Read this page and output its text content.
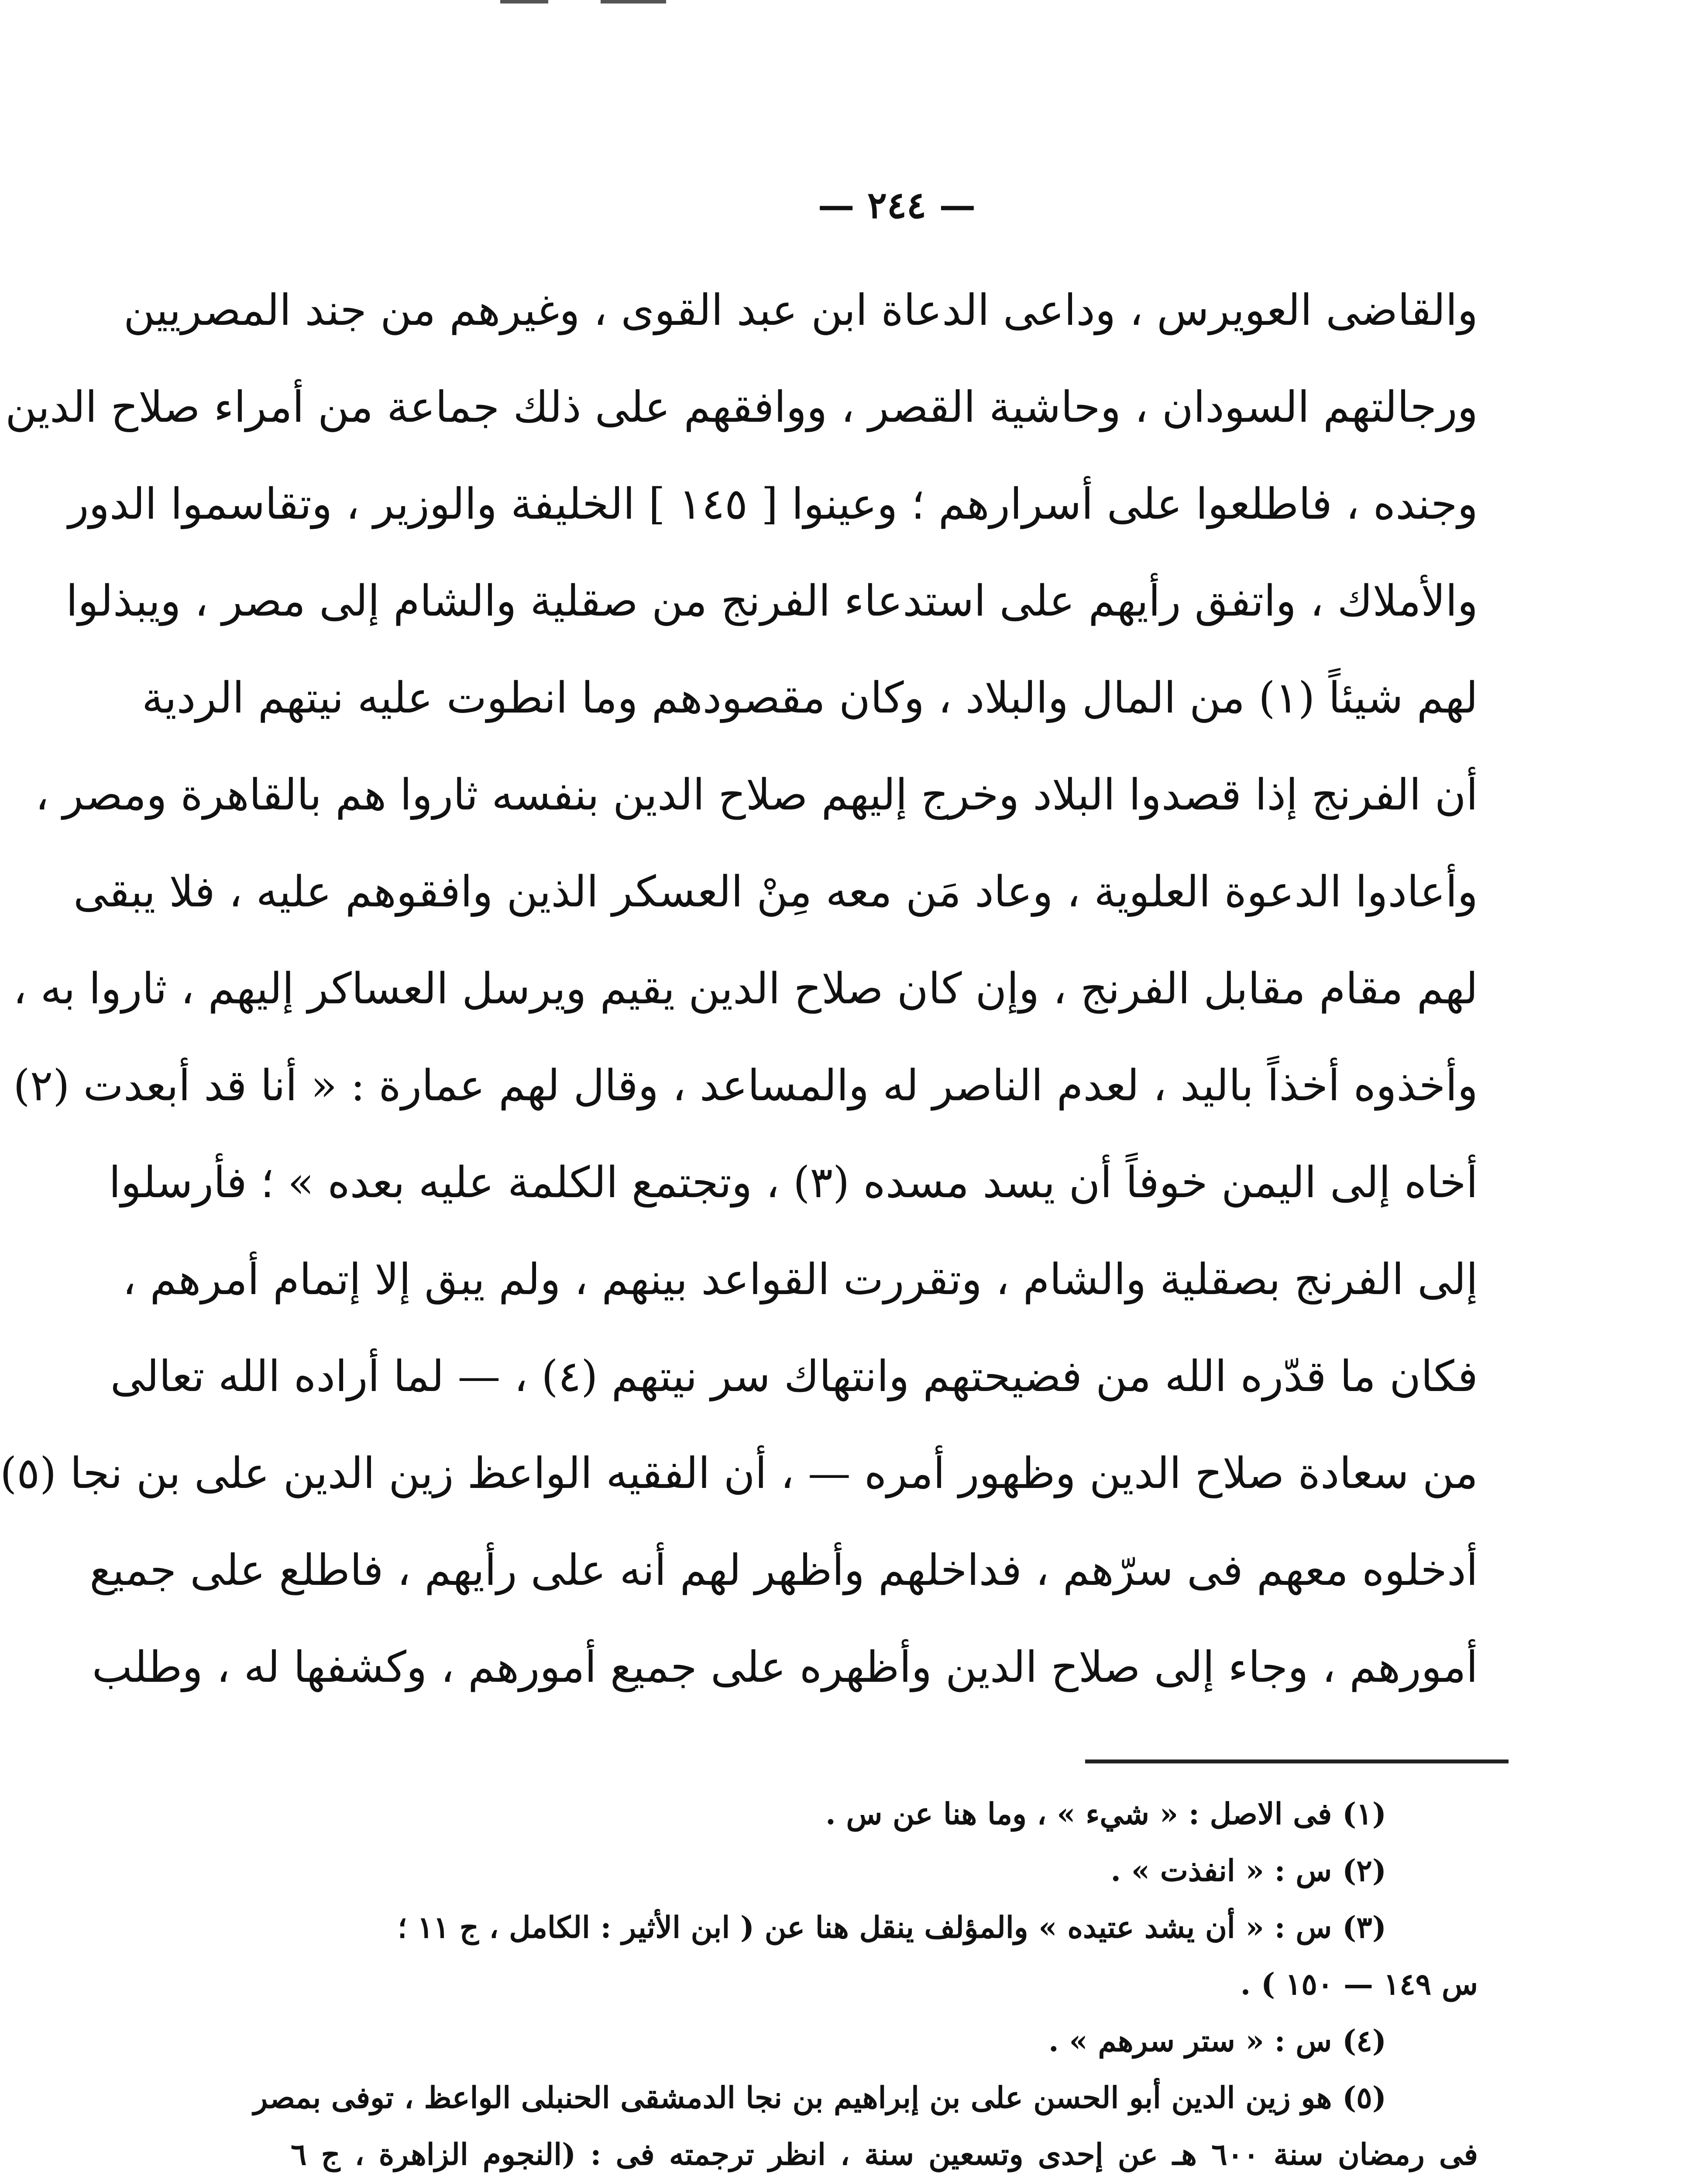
— ٢٤٤ —
والقاضى العويرس ، وداعى الدعاة ابن عبد القوى ، وغيرهم من جند المصريين
ورجالتهم السودان ، وحاشية القصر ، ووافقهم على ذلك جماعة من أمراء صلاح الدين
وجنده ، فاطلعوا على أسرارهم ؛ وعينوا [ ١٤٥ ] الخليفة والوزير ، وتقاسموا الدور
والأملاك ، واتفق رأيهم على استدعاء الفرنج من صقلية والشام إلى مصر ، ويبذلوا
لهم شيئاً (١) من المال والبلاد ، وكان مقصودهم وما انطوت عليه نيتهم الردية
أن الفرنج إذا قصدوا البلاد وخرج إليهم صلاح الدين بنفسه ثاروا هم بالقاهرة ومصر ،
وأعادوا الدعوة العلوية ، وعاد مَن معه مِنْ العسكر الذين وافقوهم عليه ، فلا يبقى
لهم مقام مقابل الفرنج ، وإن كان صلاح الدين يقيم ويرسل العساكر إليهم ، ثاروا به ،
وأخذوه أخذاً باليد ، لعدم الناصر له والمساعد ، وقال لهم عمارة : « أنا قد أبعدت (٢)
أخاه إلى اليمن خوفاً أن يسد مسده (٣) ، وتجتمع الكلمة عليه بعده » ؛ فأرسلوا
إلى الفرنج بصقلية والشام ، وتقررت القواعد بينهم ، ولم يبق إلا إتمام أمرهم ،
فكان ما قدّره الله من فضيحتهم وانتهاك سر نيتهم (٤) ، — لما أراده الله تعالى
من سعادة صلاح الدين وظهور أمره — ، أن الفقيه الواعظ زين الدين على بن نجا (٥)
أدخلوه معهم فى سرّهم ، فداخلهم وأظهر لهم أنه على رأيهم ، فاطلع على جميع
أمورهم ، وجاء إلى صلاح الدين وأظهره على جميع أمورهم ، وكشفها له ، وطلب
(١) فى الاصل : « شيء » ، وما هنا عن س .
(٢) س : « انفذت » .
(٣) س : « أن يشد عتيده » والمؤلف ينقل هنا عن ( ابن الأثير : الكامل ، ج ١١ ؛
س ١٤٩ — ١٥٠ ) .
(٤) س : « ستر سرهم » .
(٥) هو زين الدين أبو الحسن على بن إبراهيم بن نجا الدمشقى الحنبلى الواعظ ، توفى بمصر
فى رمضان سنة ٦٠٠ هـ عن إحدى وتسعين سنة ، انظر ترجمته فى : (النجوم الزاهرة ، ج ٦
